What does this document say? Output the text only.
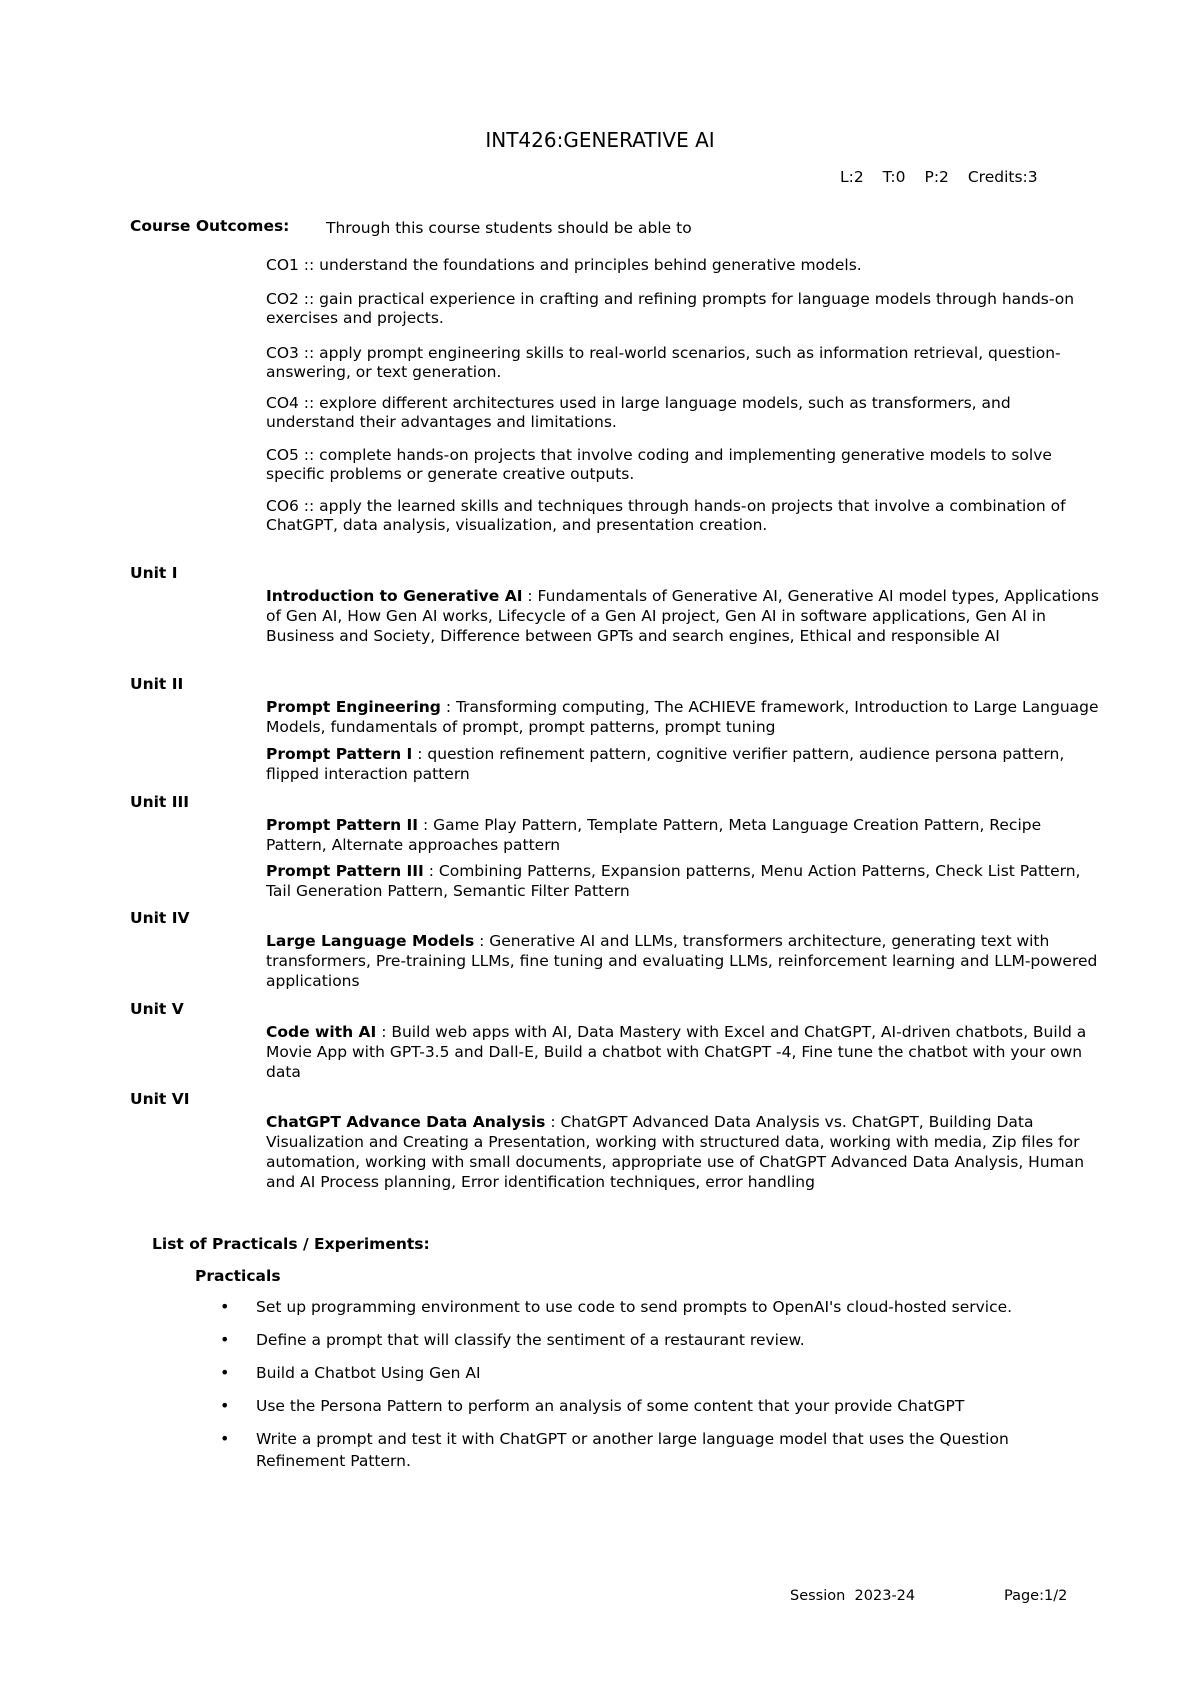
INT426:GENERATIVE AI
L:2 T:0 P:2 Credits:3
Course Outcomes: Through this course students should be able to
CO1 :: understand the foundations and principles behind generative models.
CO2 :: gain practical experience in crafting and refining prompts for language models through hands-on exercises and projects.
CO3 :: apply prompt engineering skills to real-world scenarios, such as information retrieval, question-answering, or text generation.
CO4 :: explore different architectures used in large language models, such as transformers, and understand their advantages and limitations.
CO5 :: complete hands-on projects that involve coding and implementing generative models to solve specific problems or generate creative outputs.
CO6 :: apply the learned skills and techniques through hands-on projects that involve a combination of ChatGPT, data analysis, visualization, and presentation creation.
Unit I
Introduction to Generative AI : Fundamentals of Generative AI, Generative AI model types, Applications of Gen AI, How Gen AI works, Lifecycle of a Gen AI project, Gen AI in software applications, Gen AI in Business and Society, Difference between GPTs and search engines, Ethical and responsible AI
Unit II
Prompt Engineering : Transforming computing, The ACHIEVE framework, Introduction to Large Language Models, fundamentals of prompt, prompt patterns, prompt tuning
Prompt Pattern I : question refinement pattern, cognitive verifier pattern, audience persona pattern, flipped interaction pattern
Unit III
Prompt Pattern II : Game Play Pattern, Template Pattern, Meta Language Creation Pattern, Recipe Pattern, Alternate approaches pattern
Prompt Pattern III : Combining Patterns, Expansion patterns, Menu Action Patterns, Check List Pattern, Tail Generation Pattern, Semantic Filter Pattern
Unit IV
Large Language Models : Generative AI and LLMs, transformers architecture, generating text with transformers, Pre-training LLMs, fine tuning and evaluating LLMs, reinforcement learning and LLM-powered applications
Unit V
Code with AI : Build web apps with AI, Data Mastery with Excel and ChatGPT, AI-driven chatbots, Build a Movie App with GPT-3.5 and Dall-E, Build a chatbot with ChatGPT -4, Fine tune the chatbot with your own data
Unit VI
ChatGPT Advance Data Analysis : ChatGPT Advanced Data Analysis vs. ChatGPT, Building Data Visualization and Creating a Presentation, working with structured data, working with media, Zip files for automation, working with small documents, appropriate use of ChatGPT Advanced Data Analysis, Human and AI Process planning, Error identification techniques, error handling
List of Practicals / Experiments:
Practicals
• Set up programming environment to use code to send prompts to OpenAI's cloud-hosted service.
• Define a prompt that will classify the sentiment of a restaurant review.
• Build a Chatbot Using Gen AI
• Use the Persona Pattern to perform an analysis of some content that your provide ChatGPT
• Write a prompt and test it with ChatGPT or another large language model that uses the Question Refinement Pattern.
Session  2023-24	Page:1/2
